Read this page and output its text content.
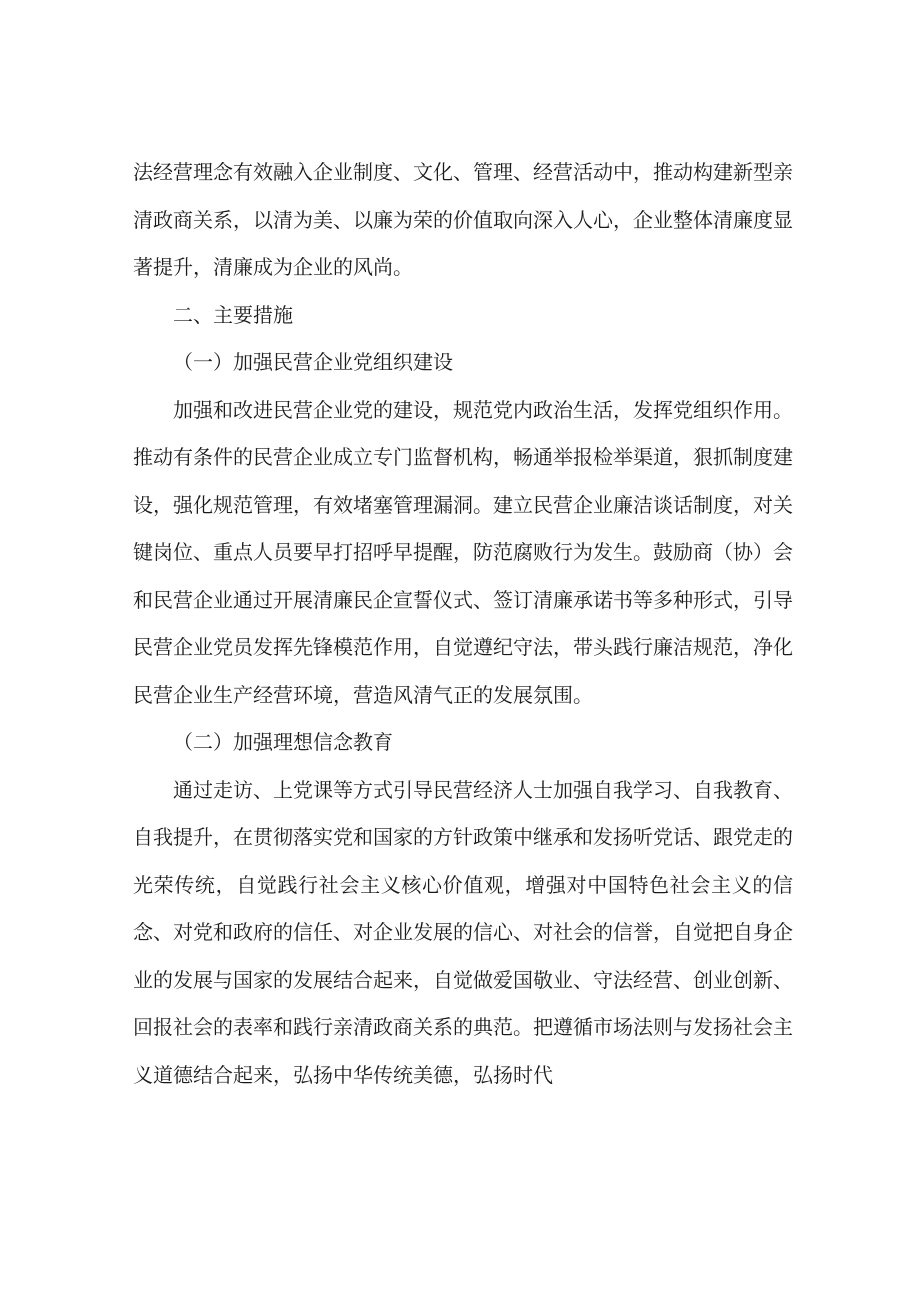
法经营理念有效融入企业制度、文化、管理、经营活动中，推动构建新型亲清政商关系，以清为美、以廉为荣的价值取向深入人心，企业整体清廉度显著提升，清廉成为企业的风尚。

二、主要措施

（一）加强民营企业党组织建设

加强和改进民营企业党的建设，规范党内政治生活，发挥党组织作用。推动有条件的民营企业成立专门监督机构，畅通举报检举渠道，狠抓制度建设，强化规范管理，有效堵塞管理漏洞。建立民营企业廉洁谈话制度，对关键岗位、重点人员要早打招呼早提醒，防范腐败行为发生。鼓励商（协）会和民营企业通过开展清廉民企宣誓仪式、签订清廉承诺书等多种形式，引导民营企业党员发挥先锋模范作用，自觉遵纪守法，带头践行廉洁规范，净化民营企业生产经营环境，营造风清气正的发展氛围。

（二）加强理想信念教育

通过走访、上党课等方式引导民营经济人士加强自我学习、自我教育、自我提升，在贯彻落实党和国家的方针政策中继承和发扬听党话、跟党走的光荣传统，自觉践行社会主义核心价值观，增强对中国特色社会主义的信念、对党和政府的信任、对企业发展的信心、对社会的信誉，自觉把自身企业的发展与国家的发展结合起来，自觉做爱国敬业、守法经营、创业创新、回报社会的表率和践行亲清政商关系的典范。把遵循市场法则与发扬社会主义道德结合起来，弘扬中华传统美德，弘扬时代
